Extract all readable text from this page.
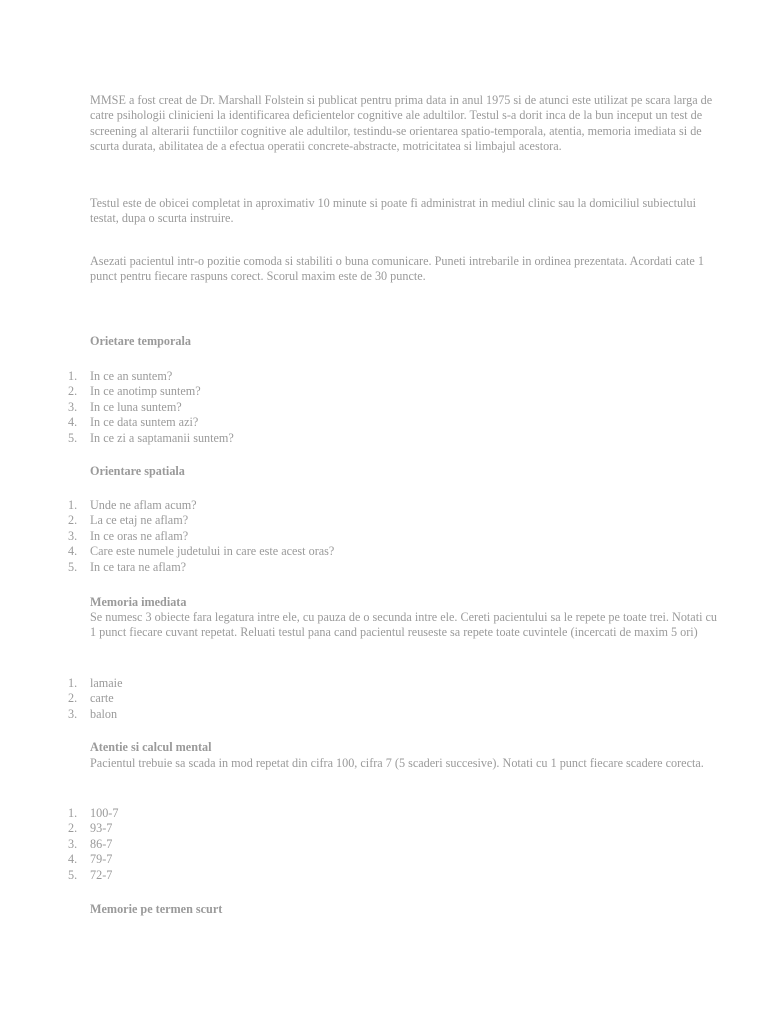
MMSE a fost creat de Dr. Marshall Folstein si publicat pentru prima data in anul 1975 si de atunci este utilizat pe scara larga de catre psihologii clinicieni la identificarea deficientelor cognitive ale adultilor. Testul s-a dorit inca de la bun inceput un test de screening al alterarii functiilor cognitive ale adultilor, testindu-se orientarea spatio-temporala, atentia, memoria imediata si de scurta durata, abilitatea de a efectua operatii concrete-abstracte, motricitatea si limbajul acestora.

Testul este de obicei completat in aproximativ 10 minute si poate fi administrat in mediul clinic sau la domiciliul subiectului testat, dupa o scurta instruire.

Asezati pacientul intr-o pozitie comoda si stabiliti o buna comunicare. Puneti intrebarile in ordinea prezentata. Acordati cate 1 punct pentru fiecare raspuns corect. Scorul maxim este de 30 puncte.

Orietare temporala

1. In ce an suntem?
2. In ce anotimp suntem?
3. In ce luna suntem?
4. In ce data suntem azi?
5. In ce zi a saptamanii suntem?

Orientare spatiala

1. Unde ne aflam acum?
2. La ce etaj ne aflam?
3. In ce oras ne aflam?
4. Care este numele judetului in care este acest oras?
5. In ce tara ne aflam?

Memoria imediata

Se numesc 3 obiecte fara legatura intre ele, cu pauza de o secunda intre ele. Cereti pacientului sa le repete pe toate trei. Notati cu 1 punct fiecare cuvant repetat. Reluati testul pana cand pacientul reuseste sa repete toate cuvintele (incercati de maxim 5 ori)

1. lamaie
2. carte
3. balon

Atentie si calcul mental

Pacientul trebuie sa scada in mod repetat din cifra 100, cifra 7 (5 scaderi succesive). Notati cu 1 punct fiecare scadere corecta.

1. 100-7
2. 93-7
3. 86-7
4. 79-7
5. 72-7

Memorie pe termen scurt
